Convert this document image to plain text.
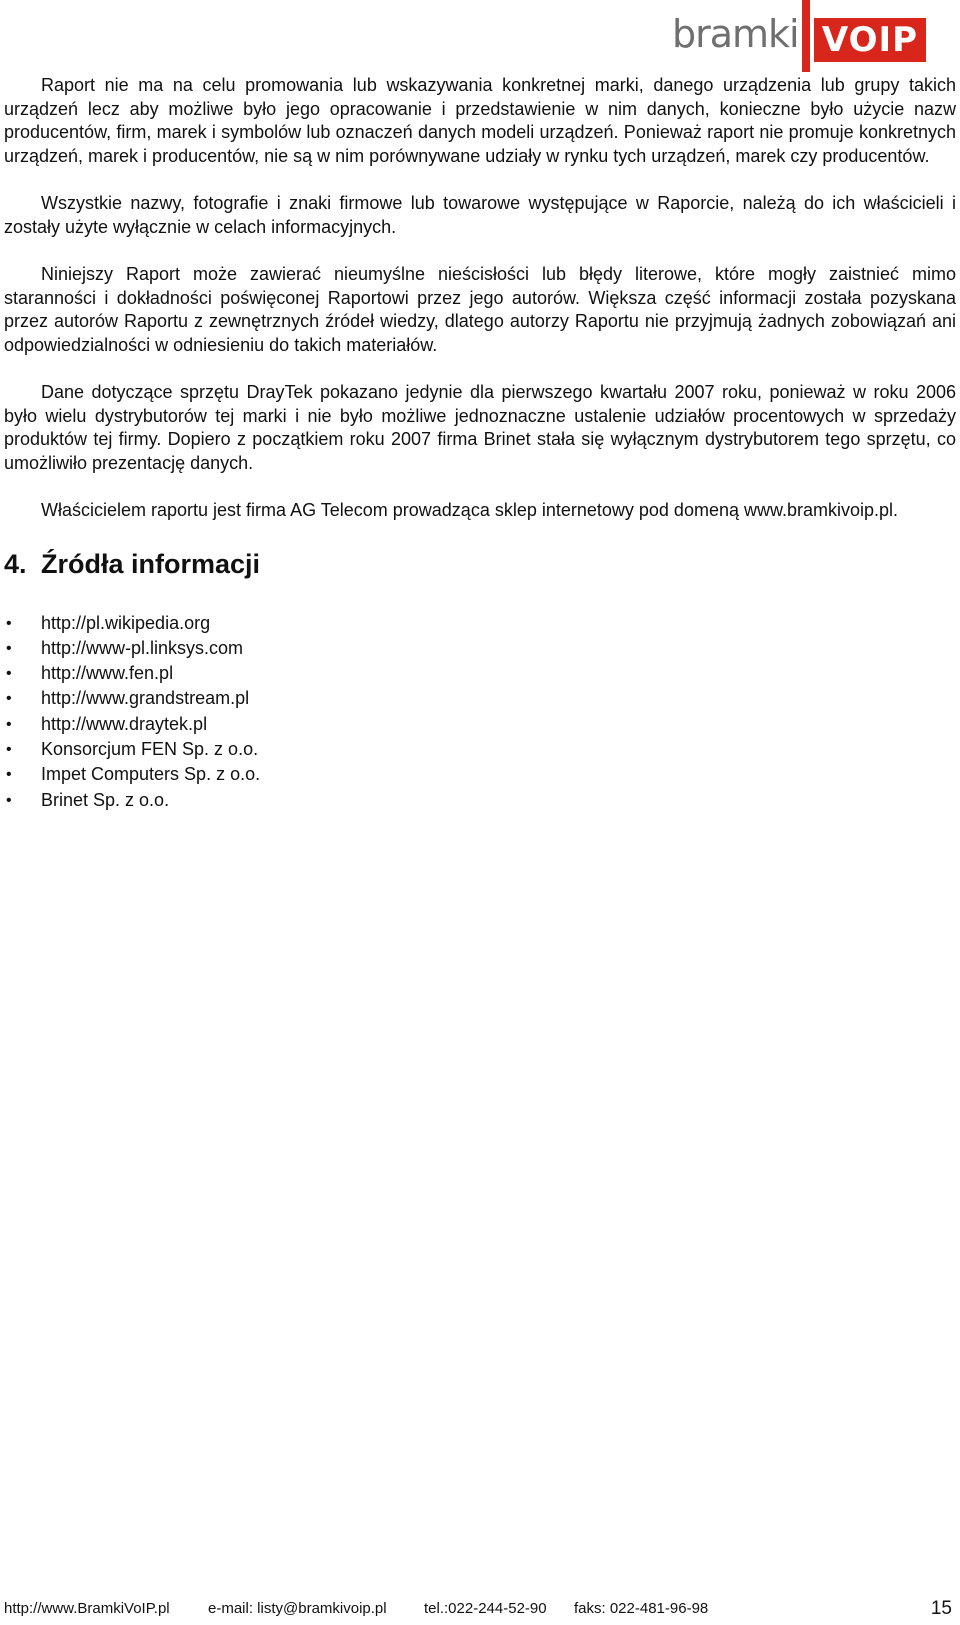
bramki VOIP

Raport nie ma na celu promowania lub wskazywania konkretnej marki, danego urządzenia lub grupy takich urządzeń lecz aby możliwe było jego opracowanie i przedstawienie w nim danych, konieczne było użycie nazw producentów, firm, marek i symbolów lub oznaczeń danych modeli urządzeń. Ponieważ raport nie promuje konkretnych urządzeń, marek i producentów, nie są w nim porównywane udziały w rynku tych urządzeń, marek czy producentów.

Wszystkie nazwy, fotografie i znaki firmowe lub towarowe występujące w Raporcie, należą do ich właścicieli i zostały użyte wyłącznie w celach informacyjnych.

Niniejszy Raport może zawierać nieumyślne nieścisłości lub błędy literowe, które mogły zaistnieć mimo staranności i dokładności poświęconej Raportowi przez jego autorów. Większa część informacji została pozyskana przez autorów Raportu z zewnętrznych źródeł wiedzy, dlatego autorzy Raportu nie przyjmują żadnych zobowiązań ani odpowiedzialności w odniesieniu do takich materiałów.

Dane dotyczące sprzętu DrayTek pokazano jedynie dla pierwszego kwartału 2007 roku, ponieważ w roku 2006 było wielu dystrybutorów tej marki i nie było możliwe jednoznaczne ustalenie udziałów procentowych w sprzedaży produktów tej firmy. Dopiero z początkiem roku 2007 firma Brinet stała się wyłącznym dystrybutorem tego sprzętu, co umożliwiło prezentację danych.

Właścicielem raportu jest firma AG Telecom prowadząca sklep internetowy pod domeną www.bramkivoip.pl.

4. Źródła informacji
• http://pl.wikipedia.org
• http://www-pl.linksys.com
• http://www.fen.pl
• http://www.grandstream.pl
• http://www.draytek.pl
• Konsorcjum FEN Sp. z o.o.
• Impet Computers Sp. z o.o.
• Brinet Sp. z o.o.
http://www.BramkiVoIP.pl	e-mail: listy@bramkivoip.pl tel.:022-244-52-90 faks: 022-481-96-98	15
